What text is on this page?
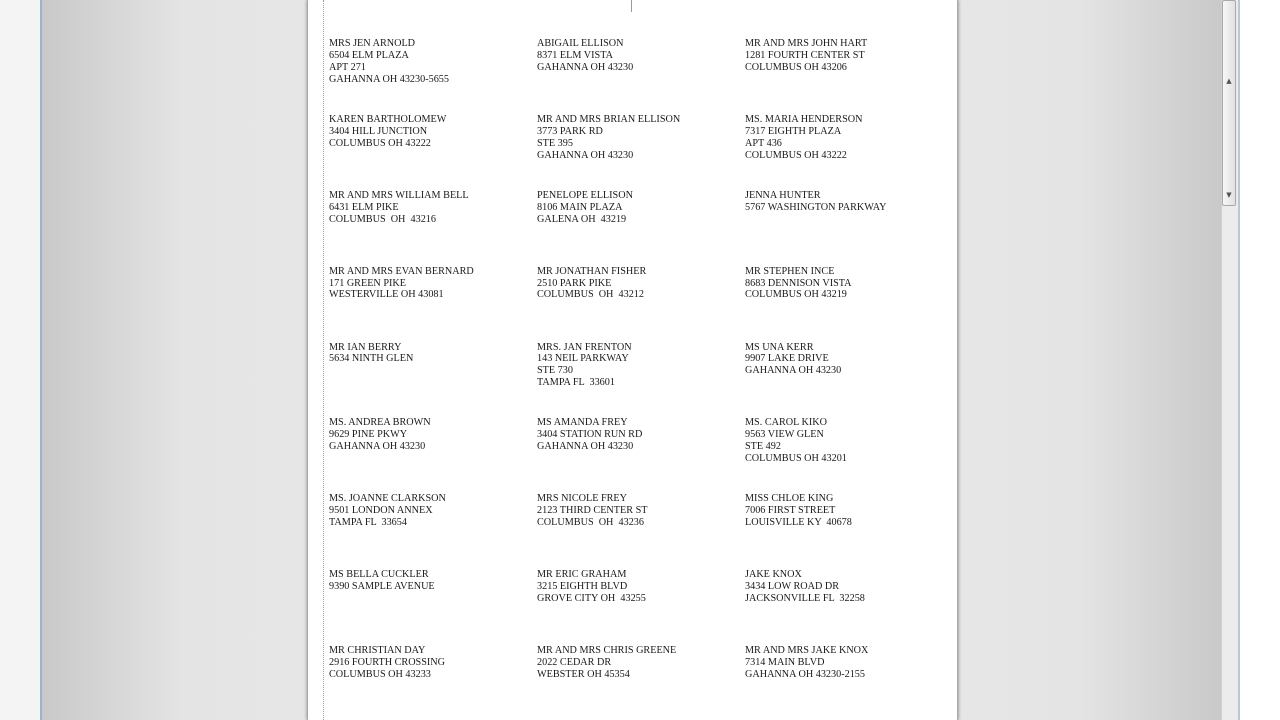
MRS JEN ARNOLD
6504 ELM PLAZA
APT 271
GAHANNA OH 43230-5655
ABIGAIL ELLISON
8371 ELM VISTA
GAHANNA OH 43230
MR AND MRS JOHN HART
1281 FOURTH CENTER ST
COLUMBUS OH 43206
KAREN BARTHOLOMEW
3404 HILL JUNCTION
COLUMBUS OH 43222
MR AND MRS BRIAN ELLISON
3773 PARK RD
STE 395
GAHANNA OH 43230
MS. MARIA HENDERSON
7317 EIGHTH PLAZA
APT 436
COLUMBUS OH 43222
MR AND MRS WILLIAM BELL
6431 ELM PIKE
COLUMBUS  OH  43216
PENELOPE ELLISON
8106 MAIN PLAZA
GALENA OH  43219
JENNA HUNTER
5767 WASHINGTON PARKWAY
MR AND MRS EVAN BERNARD
171 GREEN PIKE
WESTERVILLE OH 43081
MR JONATHAN FISHER
2510 PARK PIKE
COLUMBUS  OH  43212
MR STEPHEN INCE
8683 DENNISON VISTA
COLUMBUS OH 43219
MR IAN BERRY
5634 NINTH GLEN
MRS. JAN FRENTON
143 NEIL PARKWAY
STE 730
TAMPA FL  33601
MS UNA KERR
9907 LAKE DRIVE
GAHANNA OH 43230
MS. ANDREA BROWN
9629 PINE PKWY
GAHANNA OH 43230
MS AMANDA FREY
3404 STATION RUN RD
GAHANNA OH 43230
MS. CAROL KIKO
9563 VIEW GLEN
STE 492
COLUMBUS OH 43201
MS. JOANNE CLARKSON
9501 LONDON ANNEX
TAMPA FL  33654
MRS NICOLE FREY
2123 THIRD CENTER ST
COLUMBUS  OH  43236
MISS CHLOE KING
7006 FIRST STREET
LOUISVILLE KY  40678
MS BELLA CUCKLER
9390 SAMPLE AVENUE
MR ERIC GRAHAM
3215 EIGHTH BLVD
GROVE CITY OH  43255
JAKE KNOX
3434 LOW ROAD DR
JACKSONVILLE FL  32258
MR CHRISTIAN DAY
2916 FOURTH CROSSING
COLUMBUS OH 43233
MR AND MRS CHRIS GREENE
2022 CEDAR DR
WEBSTER OH 45354
MR AND MRS JAKE KNOX
7314 MAIN BLVD
GAHANNA OH 43230-2155
▲
▼
